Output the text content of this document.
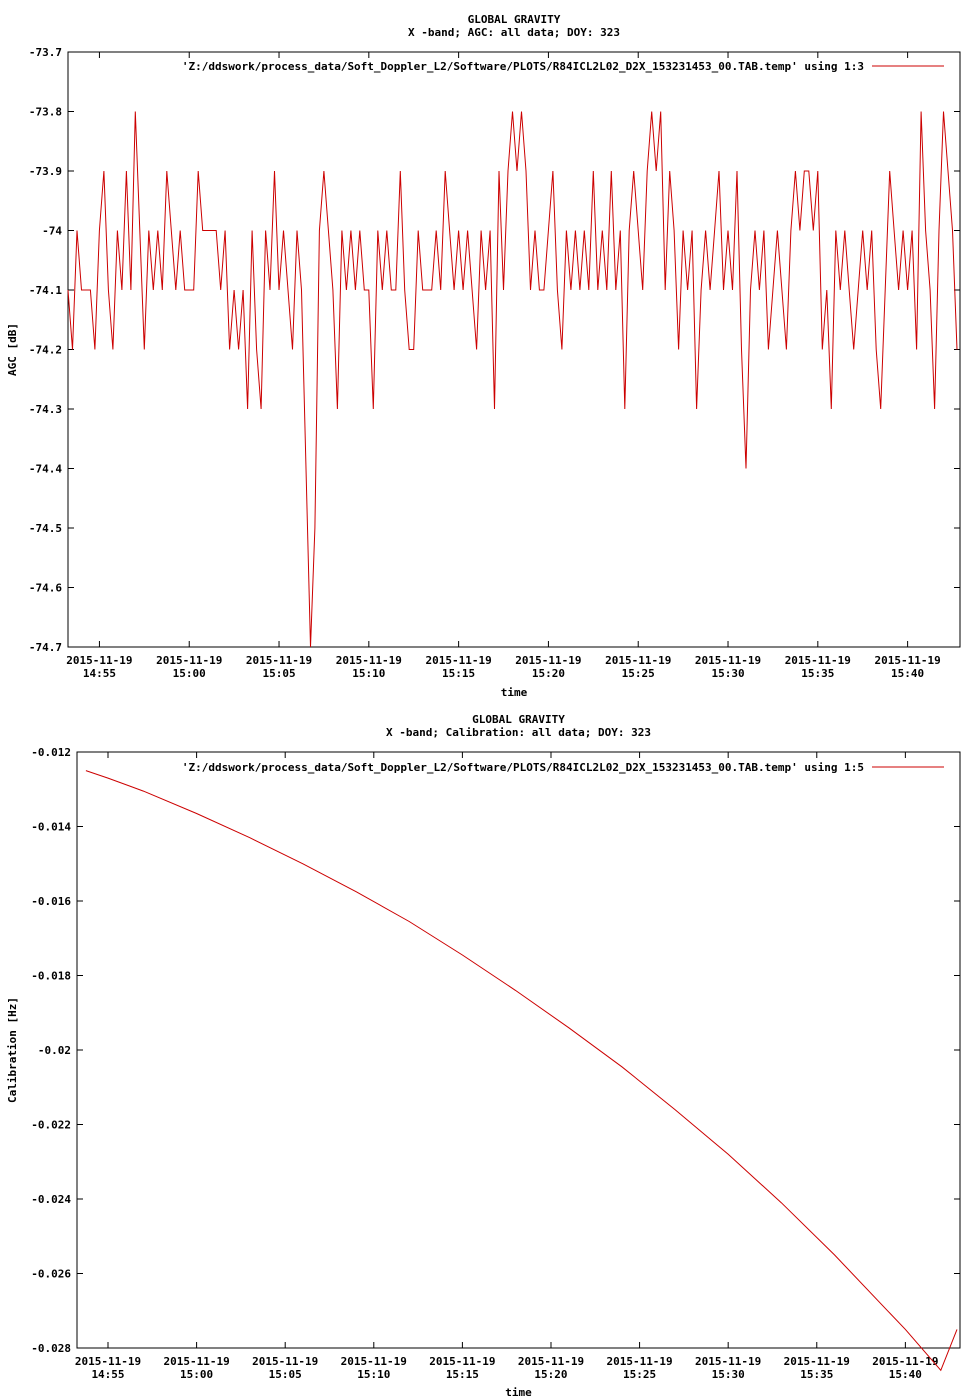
GLOBAL GRAVITY
X -band; AGC: all data; DOY: 323
-73.7
-73.8
-73.9
-74
-74.1
-74.2
-74.3
-74.4
-74.5
-74.6
-74.7
2015-11-19
14:55
2015-11-19
15:00
2015-11-19
15:05
2015-11-19
15:10
2015-11-19
15:15
2015-11-19
15:20
2015-11-19
15:25
2015-11-19
15:30
2015-11-19
15:35
2015-11-19
15:40
time
AGC [dB]
'Z:/ddswork/process_data/Soft_Doppler_L2/Software/PLOTS/R84ICL2L02_D2X_153231453_00.TAB.temp' using 1:3
GLOBAL GRAVITY
X -band; Calibration: all data; DOY: 323
-0.012
-0.014
-0.016
-0.018
-0.02
-0.022
-0.024
-0.026
-0.028
2015-11-19
14:55
2015-11-19
15:00
2015-11-19
15:05
2015-11-19
15:10
2015-11-19
15:15
2015-11-19
15:20
2015-11-19
15:25
2015-11-19
15:30
2015-11-19
15:35
2015-11-19
15:40
time
Calibration [Hz]
'Z:/ddswork/process_data/Soft_Doppler_L2/Software/PLOTS/R84ICL2L02_D2X_153231453_00.TAB.temp' using 1:5
